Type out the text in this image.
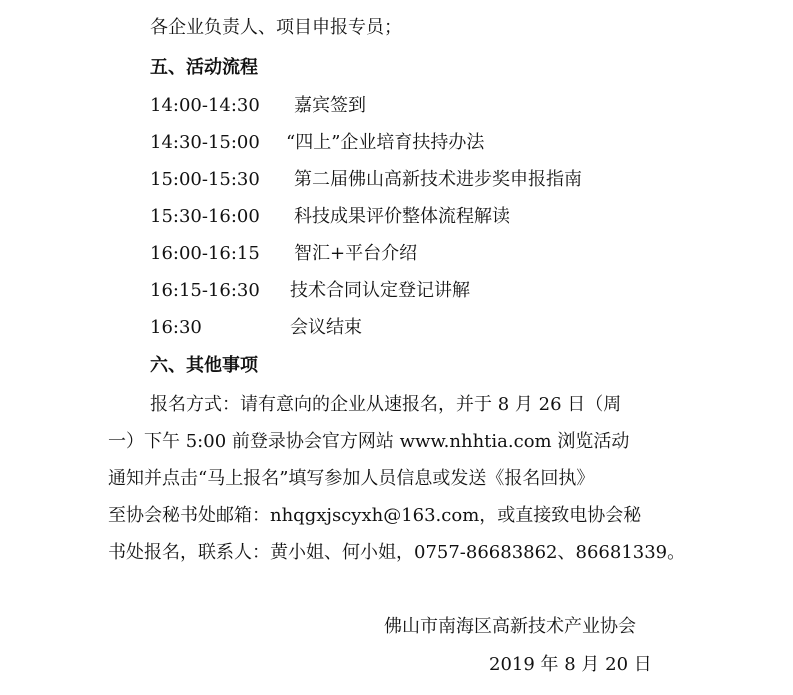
各企业负责人、项目申报专员；
五、活动流程
14:00-14:30 嘉宾签到
14:30-15:00 “四上”企业培育扶持办法
15:00-15:30 第二届佛山高新技术进步奖申报指南
15:30-16:00 科技成果评价整体流程解读
16:00-16:15 智汇+平台介绍
16:15-16:30 技术合同认定登记讲解
16:30	会议结束
六、其他事项
报名方式：请有意向的企业从速报名，并于 8 月 26 日（周
一）下午 5:00 前登录协会官方网站 www.nhhtia.com 浏览活动
通知并点击“马上报名”填写参加人员信息或发送《报名回执》
至协会秘书处邮箱：nhqgxjscyxh@163.com，或直接致电协会秘
书处报名，联系人：黄小姐、何小姐，0757-86683862、86681339。
佛山市南海区高新技术产业协会
2019 年 8 月 20 日
